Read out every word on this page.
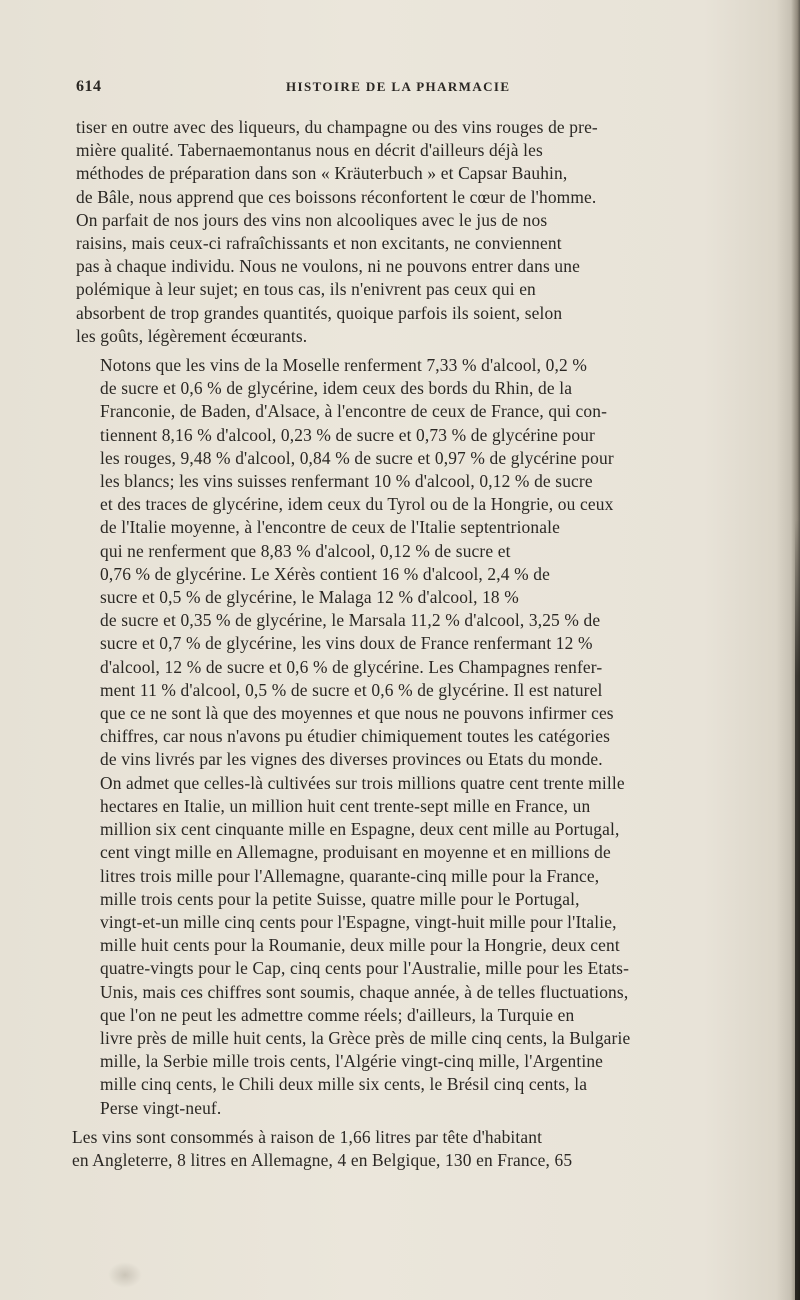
614	HISTOIRE DE LA PHARMACIE

tiser en outre avec des liqueurs, du champagne ou des vins rouges de pre-
mière qualité. Tabernaemontanus nous en décrit d'ailleurs déjà les
méthodes de préparation dans son « Kräuterbuch » et Capsar Bauhin,
de Bâle, nous apprend que ces boissons réconfortent le cœur de l'homme.
On parfait de nos jours des vins non alcooliques avec le jus de nos
raisins, mais ceux-ci rafraîchissants et non excitants, ne conviennent
pas à chaque individu. Nous ne voulons, ni ne pouvons entrer dans une
polémique à leur sujet; en tous cas, ils n'enivrent pas ceux qui en
absorbent de trop grandes quantités, quoique parfois ils soient, selon
les goûts, légèrement écœurants.

Notons que les vins de la Moselle renferment 7,33 % d'alcool, 0,2 %
de sucre et 0,6 % de glycérine, idem ceux des bords du Rhin, de la
Franconie, de Baden, d'Alsace, à l'encontre de ceux de France, qui con-
tiennent 8,16 % d'alcool, 0,23 % de sucre et 0,73 % de glycérine pour
les rouges, 9,48 % d'alcool, 0,84 % de sucre et 0,97 % de glycérine pour
les blancs; les vins suisses renfermant 10 % d'alcool, 0,12 % de sucre
et des traces de glycérine, idem ceux du Tyrol ou de la Hongrie, ou ceux
de l'Italie moyenne, à l'encontre de ceux de l'Italie septentrionale
qui ne renferment que 8,83 % d'alcool, 0,12 % de sucre et
0,76 % de glycérine. Le Xérès contient 16 % d'alcool, 2,4 % de
sucre et 0,5 % de glycérine, le Malaga 12 % d'alcool, 18 %
de sucre et 0,35 % de glycérine, le Marsala 11,2 % d'alcool, 3,25 % de
sucre et 0,7 % de glycérine, les vins doux de France renfermant 12 %
d'alcool, 12 % de sucre et 0,6 % de glycérine. Les Champagnes renfer-
ment 11 % d'alcool, 0,5 % de sucre et 0,6 % de glycérine. Il est naturel
que ce ne sont là que des moyennes et que nous ne pouvons infirmer ces
chiffres, car nous n'avons pu étudier chimiquement toutes les catégories
de vins livrés par les vignes des diverses provinces ou Etats du monde.
On admet que celles-là cultivées sur trois millions quatre cent trente mille
hectares en Italie, un million huit cent trente-sept mille en France, un
million six cent cinquante mille en Espagne, deux cent mille au Portugal,
cent vingt mille en Allemagne, produisant en moyenne et en millions de
litres trois mille pour l'Allemagne, quarante-cinq mille pour la France,
mille trois cents pour la petite Suisse, quatre mille pour le Portugal,
vingt-et-un mille cinq cents pour l'Espagne, vingt-huit mille pour l'Italie,
mille huit cents pour la Roumanie, deux mille pour la Hongrie, deux cent
quatre-vingts pour le Cap, cinq cents pour l'Australie, mille pour les Etats-
Unis, mais ces chiffres sont soumis, chaque année, à de telles fluctuations,
que l'on ne peut les admettre comme réels; d'ailleurs, la Turquie en
livre près de mille huit cents, la Grèce près de mille cinq cents, la Bulgarie
mille, la Serbie mille trois cents, l'Algérie vingt-cinq mille, l'Argentine
mille cinq cents, le Chili deux mille six cents, le Brésil cinq cents, la
Perse vingt-neuf.

Les vins sont consommés à raison de 1,66 litres par tête d'habitant
en Angleterre, 8 litres en Allemagne, 4 en Belgique, 130 en France, 65
